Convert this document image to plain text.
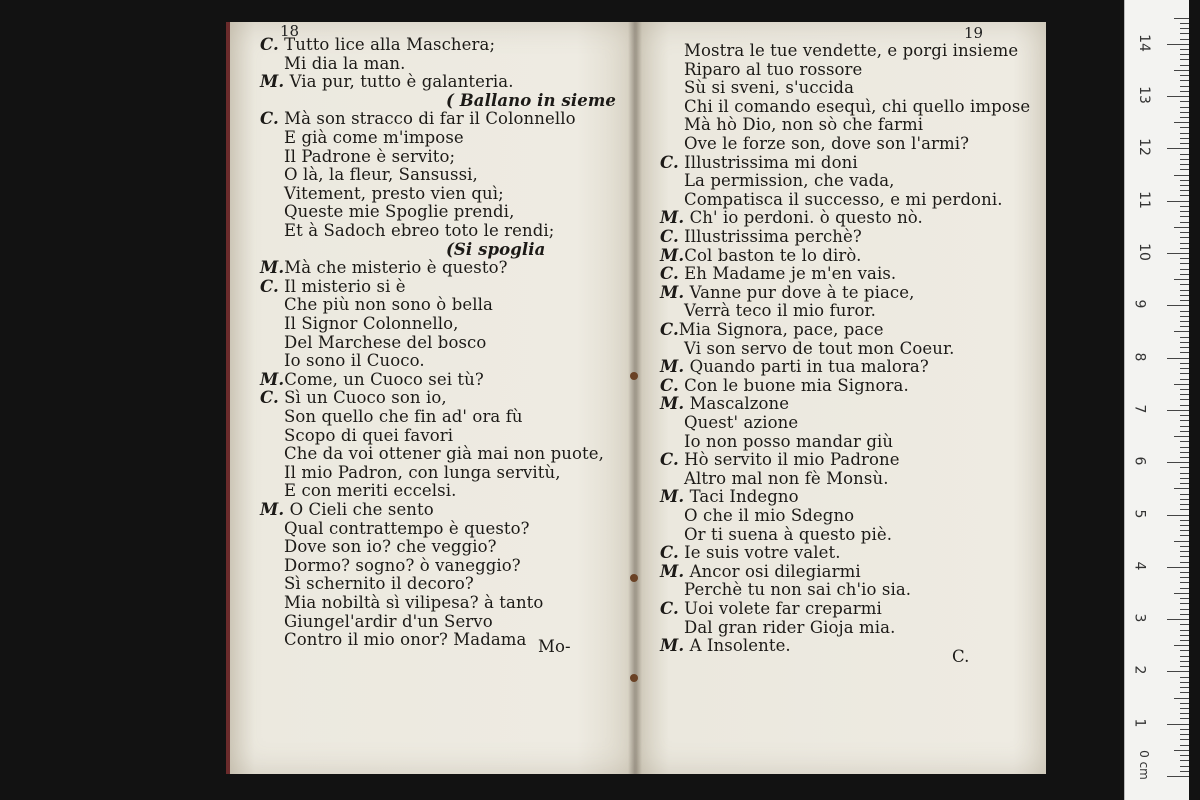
18
C. Tutto lice alla Maschera;
Mi dia la man.
M. Via pur, tutto è galanteria.
( Ballano in sieme
C. Mà son stracco di far il Colonnello
E già come m'impose
Il Padrone è servito;
O là, la fleur, Sansussi,
Vitement, presto vien quì;
Queste mie Spoglie prendi,
Et à Sadoch ebreo toto le rendi;
(Si spoglia
M.Mà che misterio è questo?
C. Il misterio si è
Che più non sono ò bella
Il Signor Colonnello,
Del Marchese del bosco
Io sono il Cuoco.
M.Come, un Cuoco sei tù?
C. Sì un Cuoco son io,
Son quello che fin ad' ora fù
Scopo di quei favori
Che da voi ottener già mai non puote,
Il mio Padron, con lunga servitù,
E con meriti eccelsi.
M. O Cieli che sento
Qual contrattempo è questo?
Dove son io? che veggio?
Dormo? sogno? ò vaneggio?
Sì schernito il decoro?
Mia nobiltà sì vilipesa? à tanto
Giungel'ardir d'un Servo
Contro il mio onor? Madama Mo-
19
Mostra le tue vendette, e porgi insieme
Riparo al tuo rossore
Sù si sveni, s'uccida
Chi il comando esequì, chi quello impose
Mà hò Dio, non sò che farmi
Ove le forze son, dove son l'armi?
C. Illustrissima mi doni
La permission, che vada,
Compatisca il successo, e mi perdoni.
M. Ch' io perdoni. ò questo nò.
C. Illustrissima perchè?
M.Col baston te lo dirò.
C. Eh Madame je m'en vais.
M. Vanne pur dove à te piace,
Verrà teco il mio furor.
C.Mia Signora, pace, pace
Vi son servo de tout mon Coeur.
M. Quando parti in tua malora?
C. Con le buone mia Signora.
M. Mascalzone
Quest' azione
Io non posso mandar giù
C. Hò servito il mio Padrone
Altro mal non fè Monsù.
M. Taci Indegno
O che il mio Sdegno
Or ti suena à questo piè.
C. Ie suis votre valet.
M. Ancor osi dilegiarmi
Perchè tu non sai ch'io sia.
C. Uoi volete far creparmi
Dal gran rider Gioja mia.
M. A Insolente.
C.
1
2
3
4
5
6
7
8
9
10
11
12
13
14
0 cm
